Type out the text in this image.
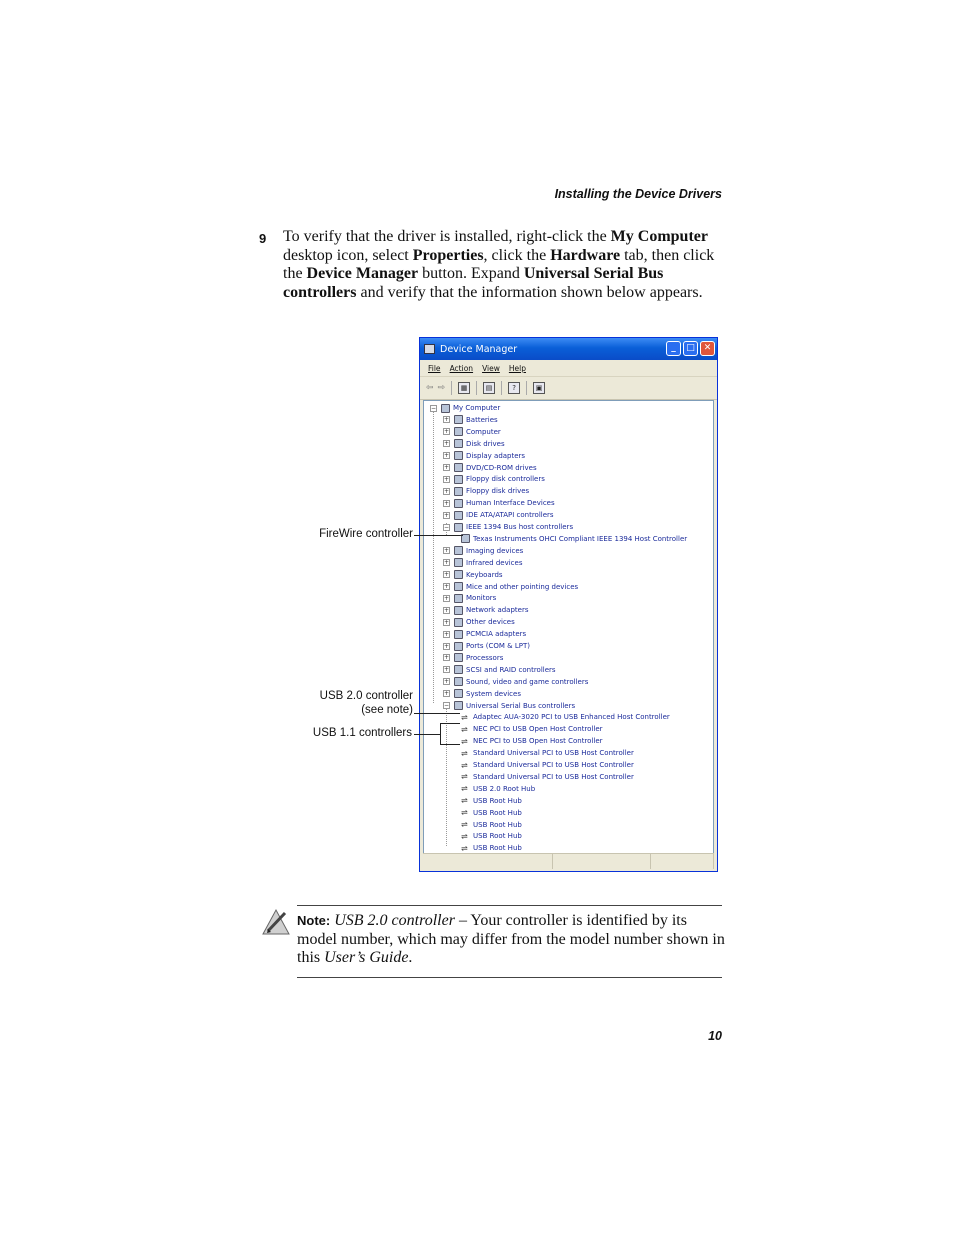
Installing the Device Drivers
9 To verify that the driver is installed, right-click the My Computer desktop icon, select Properties, click the Hardware tab, then click the Device Manager button. Expand Universal Serial Bus controllers and verify that the information shown below appears.
Device Manager	_	□ ✕
File Action View Help
⇦ ⇨	▦	▤	?	▣
− My Computer
+ Batteries
+ Computer
+ Disk drives
+ Display adapters
+ DVD/CD-ROM drives
+ Floppy disk controllers
+ Floppy disk drives
+ Human Interface Devices
+ IDE ATA/ATAPI controllers
− IEEE 1394 Bus host controllers
Texas Instruments OHCI Compliant IEEE 1394 Host Controller
+ Imaging devices
+ Infrared devices
+ Keyboards
+ Mice and other pointing devices
+ Monitors
+ Network adapters
+ Other devices
+ PCMCIA adapters
+ Ports (COM & LPT)
+ Processors
+ SCSI and RAID controllers
+ Sound, video and game controllers
+ System devices
− Universal Serial Bus controllers
⇌ Adaptec AUA-3020 PCI to USB Enhanced Host Controller
⇌ NEC PCI to USB Open Host Controller
⇌ NEC PCI to USB Open Host Controller
⇌ Standard Universal PCI to USB Host Controller
⇌ Standard Universal PCI to USB Host Controller
⇌ Standard Universal PCI to USB Host Controller
⇌ USB 2.0 Root Hub
⇌ USB Root Hub
⇌ USB Root Hub
⇌ USB Root Hub
⇌ USB Root Hub
⇌ USB Root Hub
FireWire controller
USB 2.0 controller
(see note)
USB 1.1 controllers
Note: USB 2.0 controller – Your controller is identified by its model number, which may differ from the model number shown in this User’s Guide.
10
